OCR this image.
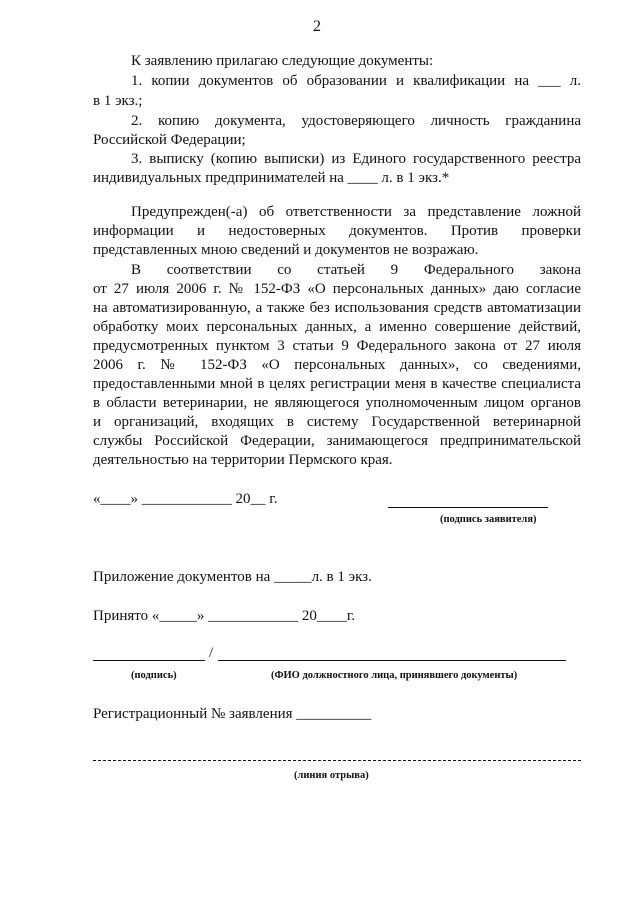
2
К заявлению прилагаю следующие документы:
1. копии документов об образовании и квалификации на ___ л.
в 1 экз.;
2. копию документа, удостоверяющего личность гражданина
Российской Федерации;
3. выписку (копию выписки) из Единого государственного реестра
индивидуальных предпринимателей на ____ л. в 1 экз.*
Предупрежден(-а) об ответственности за представление ложной
информации и недостоверных документов. Против проверки
представленных мною сведений и документов не возражаю.
В соответствии со статьей 9 Федерального закона
от 27 июля 2006 г. № 152-ФЗ «О персональных данных» даю согласие
на автоматизированную, а также без использования средств автоматизации
обработку моих персональных данных, а именно совершение действий,
предусмотренных пунктом 3 статьи 9 Федерального закона от 27 июля
2006 г. № 152-ФЗ «О персональных данных», со сведениями,
предоставленными мной в целях регистрации меня в качестве специалиста
в области ветеринарии, не являющегося уполномоченным лицом органов
и организаций, входящих в систему Государственной ветеринарной
службы Российской Федерации, занимающегося предпринимательской
деятельностью на территории Пермского края.
«____» ____________ 20__ г.
(подпись заявителя)
Приложение документов на _____л. в 1 экз.
Принято «_____» ____________ 20____г.
/
(подпись)	(ФИО должностного лица, принявшего документы)
Регистрационный № заявления __________
(линия отрыва)
